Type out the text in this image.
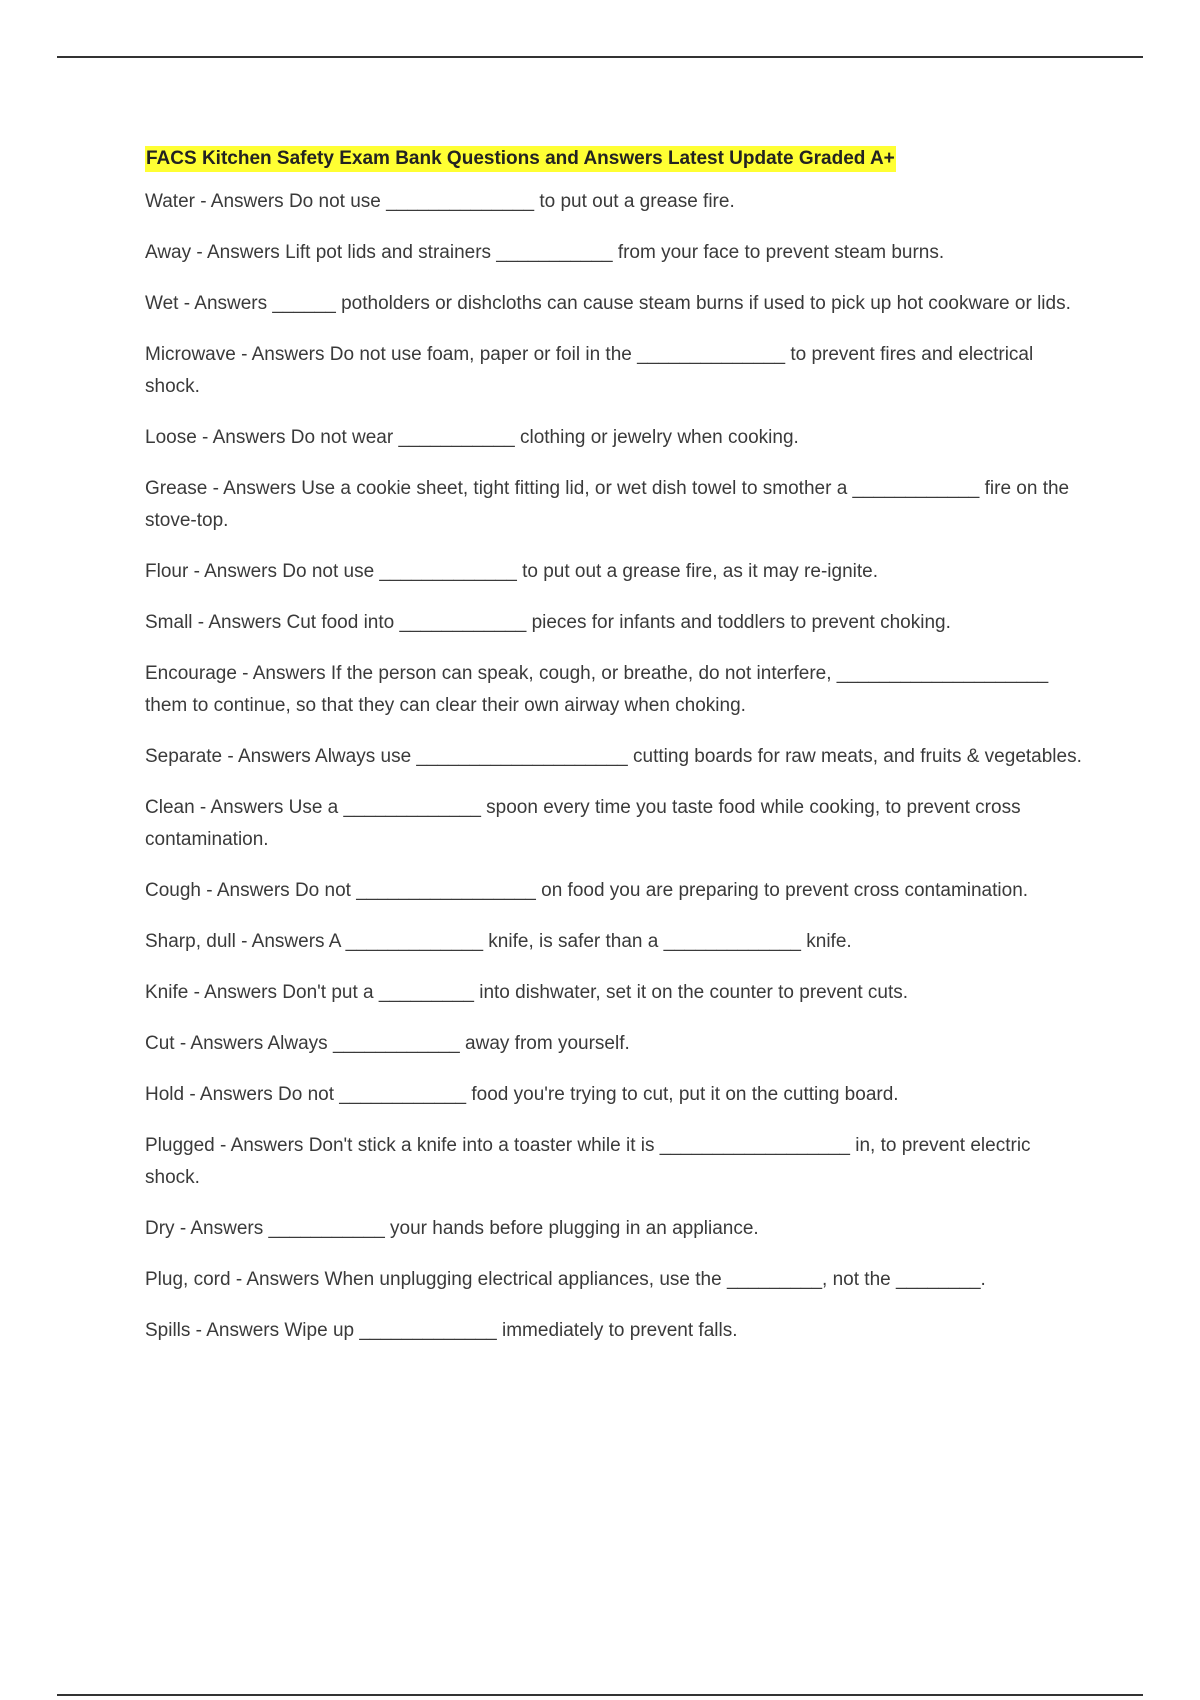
FACS Kitchen Safety Exam Bank Questions and Answers Latest Update Graded A+

Water - Answers Do not use ______________ to put out a grease fire.

Away - Answers Lift pot lids and strainers ___________ from your face to prevent steam burns.

Wet - Answers ______ potholders or dishcloths can cause steam burns if used to pick up hot cookware or lids.

Microwave - Answers Do not use foam, paper or foil in the ______________ to prevent fires and electrical shock.

Loose - Answers Do not wear ___________ clothing or jewelry when cooking.

Grease - Answers Use a cookie sheet, tight fitting lid, or wet dish towel to smother a ____________ fire on the stove-top.

Flour - Answers Do not use _____________ to put out a grease fire, as it may re-ignite.

Small - Answers Cut food into ____________ pieces for infants and toddlers to prevent choking.

Encourage - Answers If the person can speak, cough, or breathe, do not interfere, ____________________ them to continue, so that they can clear their own airway when choking.

Separate - Answers Always use ____________________ cutting boards for raw meats, and fruits & vegetables.

Clean - Answers Use a _____________ spoon every time you taste food while cooking, to prevent cross contamination.

Cough - Answers Do not _________________ on food you are preparing to prevent cross contamination.

Sharp, dull - Answers A _____________ knife, is safer than a _____________ knife.

Knife - Answers Don't put a _________ into dishwater, set it on the counter to prevent cuts.

Cut - Answers Always ____________ away from yourself.

Hold - Answers Do not ____________ food you're trying to cut, put it on the cutting board.

Plugged - Answers Don't stick a knife into a toaster while it is __________________ in, to prevent electric shock.

Dry - Answers ___________ your hands before plugging in an appliance.

Plug, cord - Answers When unplugging electrical appliances, use the _________, not the ________.

Spills - Answers Wipe up _____________ immediately to prevent falls.
